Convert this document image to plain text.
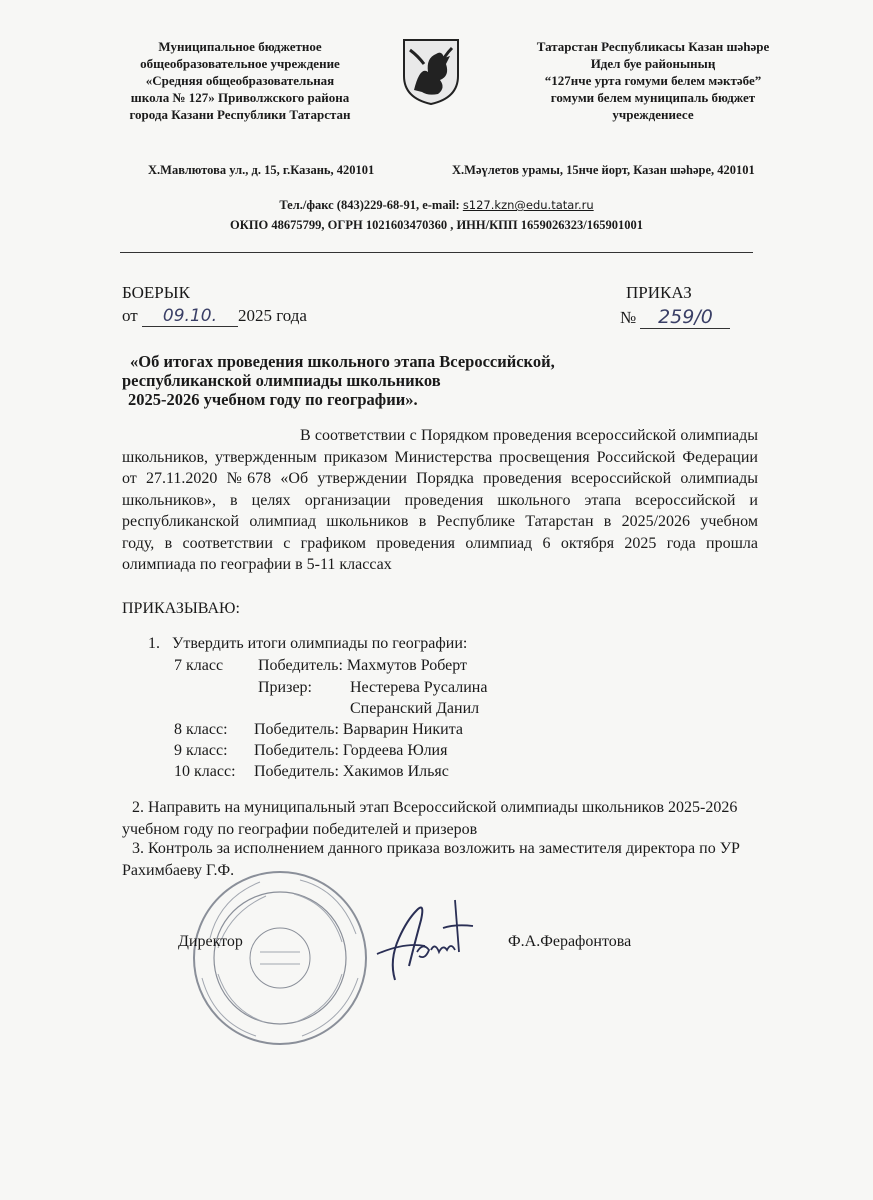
Муниципальное бюджетное
общеобразовательное учреждение
«Средняя общеобразовательная
школа № 127» Приволжского района
города Казани Республики Татарстан
Татарстан Республикасы Казан шәһәре
Идел буе районының
“127нче урта гомуми белем мәктәбе”
гомуми белем муниципаль бюджет
учреждениесе
Х.Мавлютова ул., д. 15, г.Казань, 420101	Х.Мәүлетов урамы, 15нче йорт, Казан шәһәре, 420101
Тел./факс (843)229-68-91, e-mail: s127.kzn@edu.tatar.ru
ОКПО 48675799, ОГРН 1021603470360 , ИНН/КПП 1659026323/165901001
БОЕРЫК	ПРИКАЗ
от 09.10. 2025 года	№ 259/0
«Об итогах проведения школьного этапа Всероссийской,
республиканской олимпиады школьников
2025-2026 учебном году по географии».
В соответствии с Порядком проведения всероссийской олимпиады
школьников, утвержденным приказом Министерства просвещения Российской Федерации
от 27.11.2020 №678 «Об утверждении Порядка проведения всероссийской олимпиады
школьников», в целях организации проведения школьного этапа всероссийской и
республиканской олимпиад школьников в Республике Татарстан в 2025/2026 учебном
году, в соответствии с графиком проведения олимпиад 6 октября 2025 года прошла
олимпиада по географии в 5-11 классах
ПРИКАЗЫВАЮ:
1. Утвердить итоги олимпиады по географии:
7 класс Победитель: Махмутов Роберт
Призер: Нестерева Русалина
Сперанский Данил
8 класс: Победитель: Варварин Никита
9 класс: Победитель: Гордеева Юлия
10 класс: Победитель: Хакимов Ильяс
2. Направить на муниципальный этап Всероссийской олимпиады школьников 2025-2026
учебном году по географии победителей и призеров
3. Контроль за исполнением данного приказа возложить на заместителя директора по УР
Рахимбаеву Г.Ф.
Директор	Ф.А.Ферафонтова
